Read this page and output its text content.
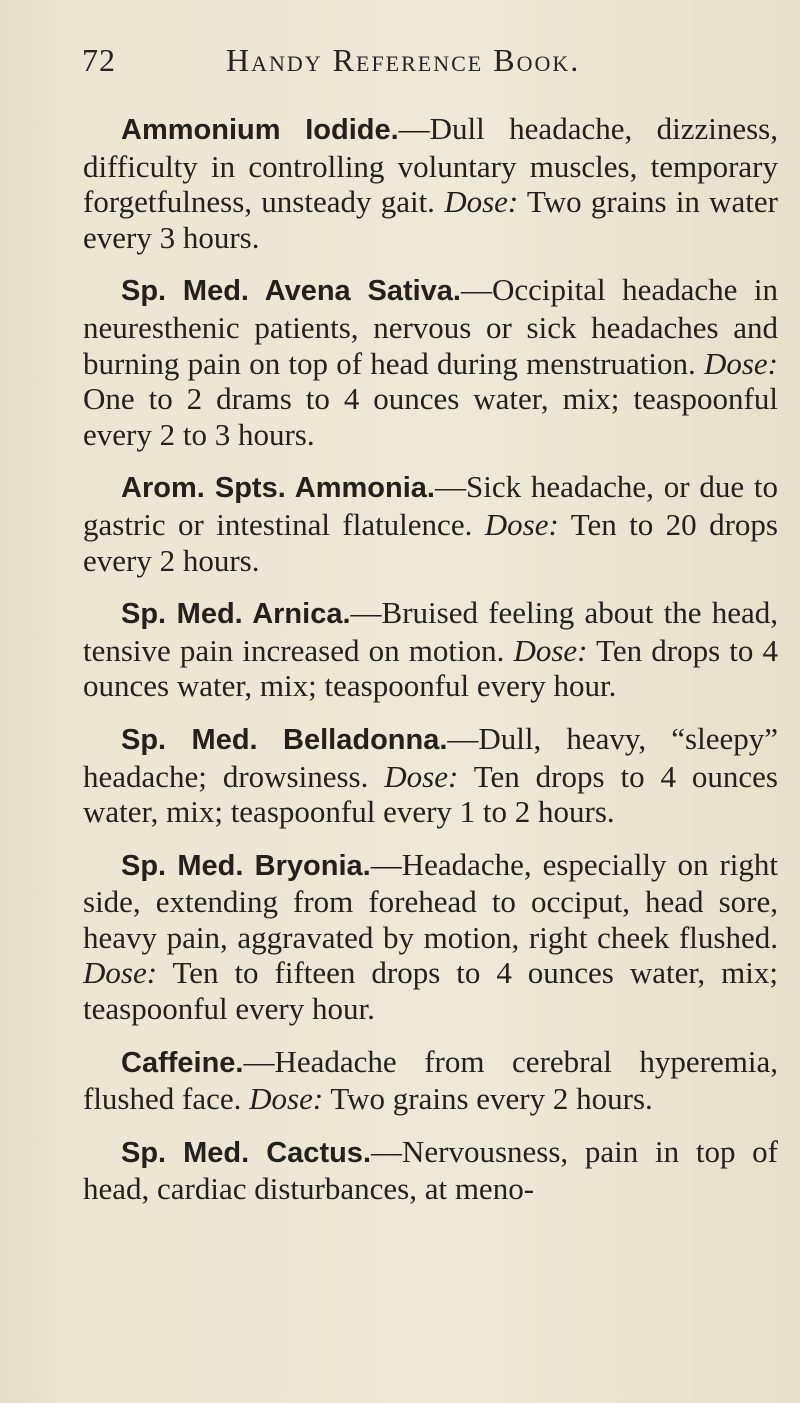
72	Handy Reference Book.

Ammonium Iodide.—Dull headache, dizziness, difficulty in controlling voluntary muscles, temporary forgetfulness, unsteady gait. Dose: Two grains in water every 3 hours.

Sp. Med. Avena Sativa.—Occipital headache in neuresthenic patients, nervous or sick headaches and burning pain on top of head during menstruation. Dose: One to 2 drams to 4 ounces water, mix; teaspoonful every 2 to 3 hours.

Arom. Spts. Ammonia.—Sick headache, or due to gastric or intestinal flatulence. Dose: Ten to 20 drops every 2 hours.

Sp. Med. Arnica.—Bruised feeling about the head, tensive pain increased on motion. Dose: Ten drops to 4 ounces water, mix; teaspoonful every hour.

Sp. Med. Belladonna.—Dull, heavy, “sleepy” headache; drowsiness. Dose: Ten drops to 4 ounces water, mix; teaspoonful every 1 to 2 hours.

Sp. Med. Bryonia.—Headache, especially on right side, extending from forehead to occiput, head sore, heavy pain, aggravated by motion, right cheek flushed. Dose: Ten to fifteen drops to 4 ounces water, mix; teaspoonful every hour.

Caffeine.—Headache from cerebral hyperemia, flushed face. Dose: Two grains every 2 hours.

Sp. Med. Cactus.—Nervousness, pain in top of head, cardiac disturbances, at meno-
